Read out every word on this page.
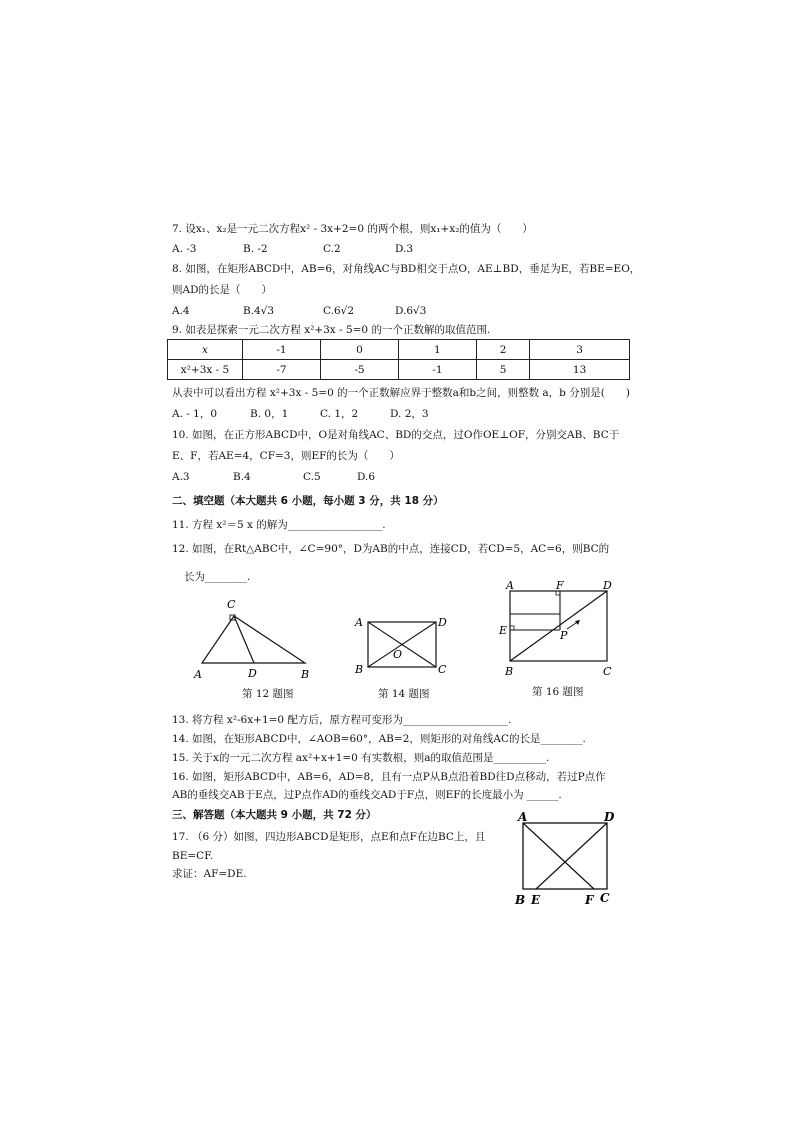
7. 设x₁、x₂是一元二次方程x² - 3x+2=0 的两个根，则x₁+x₂的值为（　　）
A. -3	B. -2	C.2	D.3
8. 如图，在矩形ABCD中，AB=6，对角线AC与BD相交于点O，AE⊥BD，垂足为E，若BE=EO，
则AD的长是（　　）
A.4	B.4√3	C.6√2	D.6√3
9. 如表是探索一元二次方程 x²+3x - 5=0 的一个正数解的取值范围.
x	-1	0	1	2	3
x²+3x - 5	-7	-5	-1	5	13
从表中可以看出方程 x²+3x - 5=0 的一个正数解应界于整数a和b之间，则整数 a，b 分别是(　　)
A. - 1，0	B. 0，1	C. 1，2	D. 2，3
10. 如图，在正方形ABCD中，O是对角线AC、BD的交点，过O作OE⊥OF，分别交AB、BC于
E、F，若AE=4，CF=3，则EF的长为（　　）
A.3	B.4	C.5	D.6
二、填空题（本大题共 6 小题，每小题 3 分，共 18 分）
11. 方程 x²＝5 x 的解为__________________.
12. 如图，在Rt△ABC中，∠C=90°，D为AB的中点，连接CD，若CD=5，AC=6，则BC的
长为________.
C
A	D	B
第 12 题图
A	D
B	C
O
第 14 题图
A	F	D
E	P
B	C
第 16 题图
13. 将方程 x²-6x+1=0 配方后，原方程可变形为____________________.
14. 如图，在矩形ABCD中，∠AOB=60°，AB=2，则矩形的对角线AC的长是________.
15. 关于x的一元二次方程 ax²+x+1=0 有实数根，则a的取值范围是__________.
16. 如图，矩形ABCD中，AB=6，AD=8，且有一点P从B点沿着BD往D点移动，若过P点作
AB的垂线交AB于E点，过P点作AD的垂线交AD于F点，则EF的长度最小为 ______.
三、解答题（本大题共 9 小题，共 72 分）
17. （6 分）如图，四边形ABCD是矩形，点E和点F在边BC上，且
BE=CF.
求证：AF=DE.
A	D
B E	F C
